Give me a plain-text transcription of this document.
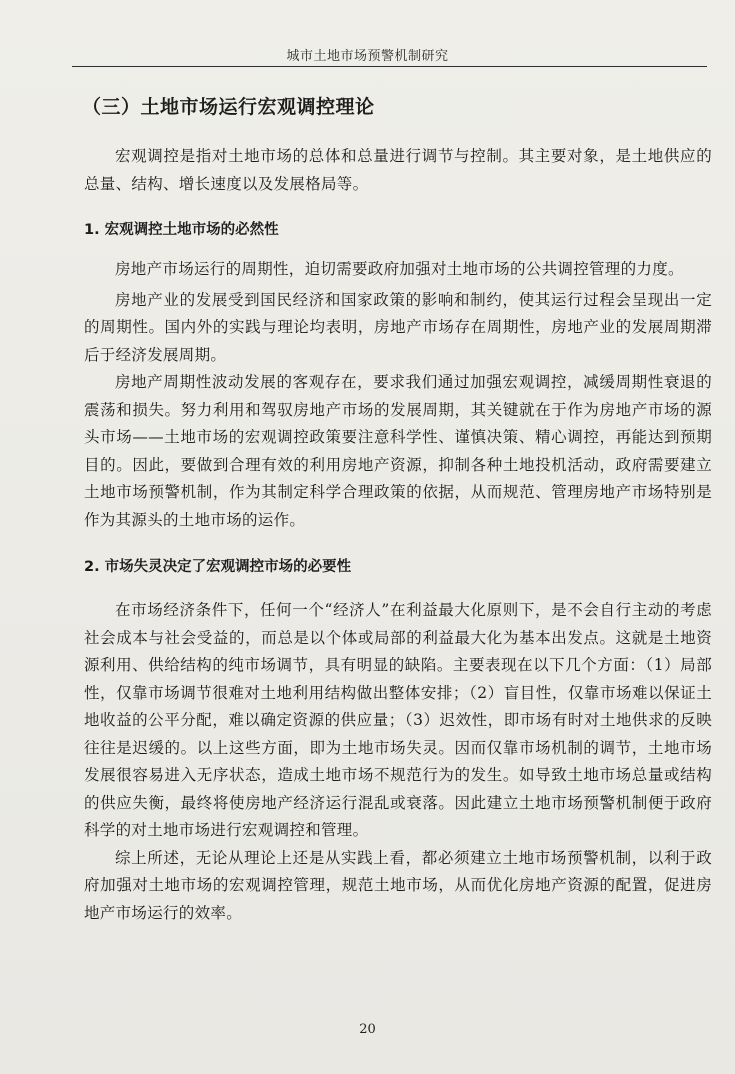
城市土地市场预警机制研究
（三）土地市场运行宏观调控理论

宏观调控是指对土地市场的总体和总量进行调节与控制。其主要对象，是土地供应的总量、结构、增长速度以及发展格局等。

1. 宏观调控土地市场的必然性

房地产市场运行的周期性，迫切需要政府加强对土地市场的公共调控管理的力度。

房地产业的发展受到国民经济和国家政策的影响和制约，使其运行过程会呈现出一定的周期性。国内外的实践与理论均表明，房地产市场存在周期性，房地产业的发展周期滞后于经济发展周期。

房地产周期性波动发展的客观存在，要求我们通过加强宏观调控，减缓周期性衰退的震荡和损失。努力利用和驾驭房地产市场的发展周期，其关键就在于作为房地产市场的源头市场——土地市场的宏观调控政策要注意科学性、谨慎决策、精心调控，再能达到预期目的。因此，要做到合理有效的利用房地产资源，抑制各种土地投机活动，政府需要建立土地市场预警机制，作为其制定科学合理政策的依据，从而规范、管理房地产市场特别是作为其源头的土地市场的运作。

2. 市场失灵决定了宏观调控市场的必要性

在市场经济条件下，任何一个“经济人”在利益最大化原则下，是不会自行主动的考虑社会成本与社会受益的，而总是以个体或局部的利益最大化为基本出发点。这就是土地资源利用、供给结构的纯市场调节，具有明显的缺陷。主要表现在以下几个方面：（1）局部性，仅靠市场调节很难对土地利用结构做出整体安排；（2）盲目性，仅靠市场难以保证土地收益的公平分配，难以确定资源的供应量；（3）迟效性，即市场有时对土地供求的反映往往是迟缓的。以上这些方面，即为土地市场失灵。因而仅靠市场机制的调节，土地市场发展很容易进入无序状态，造成土地市场不规范行为的发生。如导致土地市场总量或结构的供应失衡，最终将使房地产经济运行混乱或衰落。因此建立土地市场预警机制便于政府科学的对土地市场进行宏观调控和管理。

综上所述，无论从理论上还是从实践上看，都必须建立土地市场预警机制，以利于政府加强对土地市场的宏观调控管理，规范土地市场，从而优化房地产资源的配置，促进房地产市场运行的效率。

20
